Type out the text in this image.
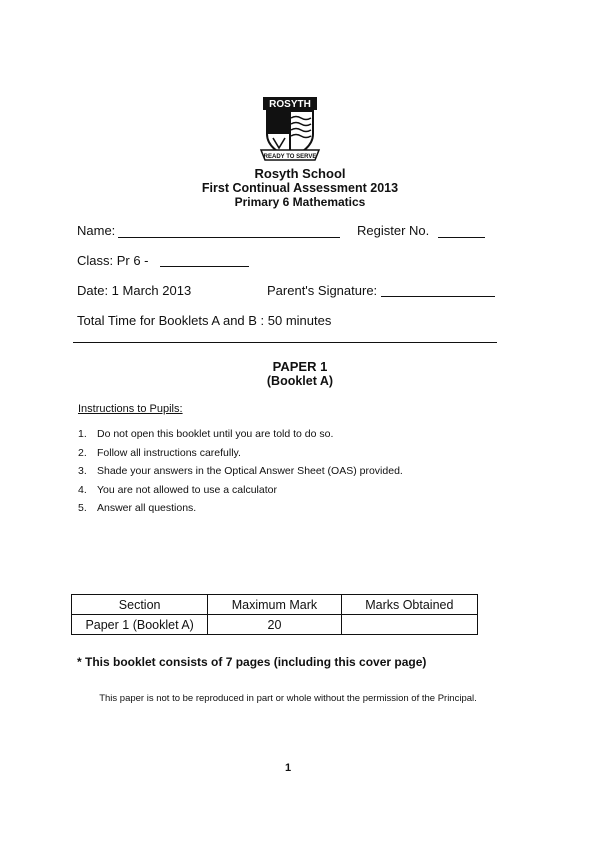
ROSYTH
READY TO SERVE
Rosyth School
First Continual Assessment 2013
Primary 6 Mathematics
Name:	Register No.
Class: Pr 6 -
Date: 1 March 2013	Parent's Signature:
Total Time for Booklets A and B : 50 minutes
PAPER 1
(Booklet A)
Instructions to Pupils:
1. Do not open this booklet until you are told to do so.
2. Follow all instructions carefully.
3. Shade your answers in the Optical Answer Sheet (OAS) provided.
4. You are not allowed to use a calculator
5. Answer all questions.
Section	Maximum Mark	Marks Obtained
Paper 1 (Booklet A)	20	
* This booklet consists of 7 pages (including this cover page)
This paper is not to be reproduced in part or whole without the permission of the Principal.
1
